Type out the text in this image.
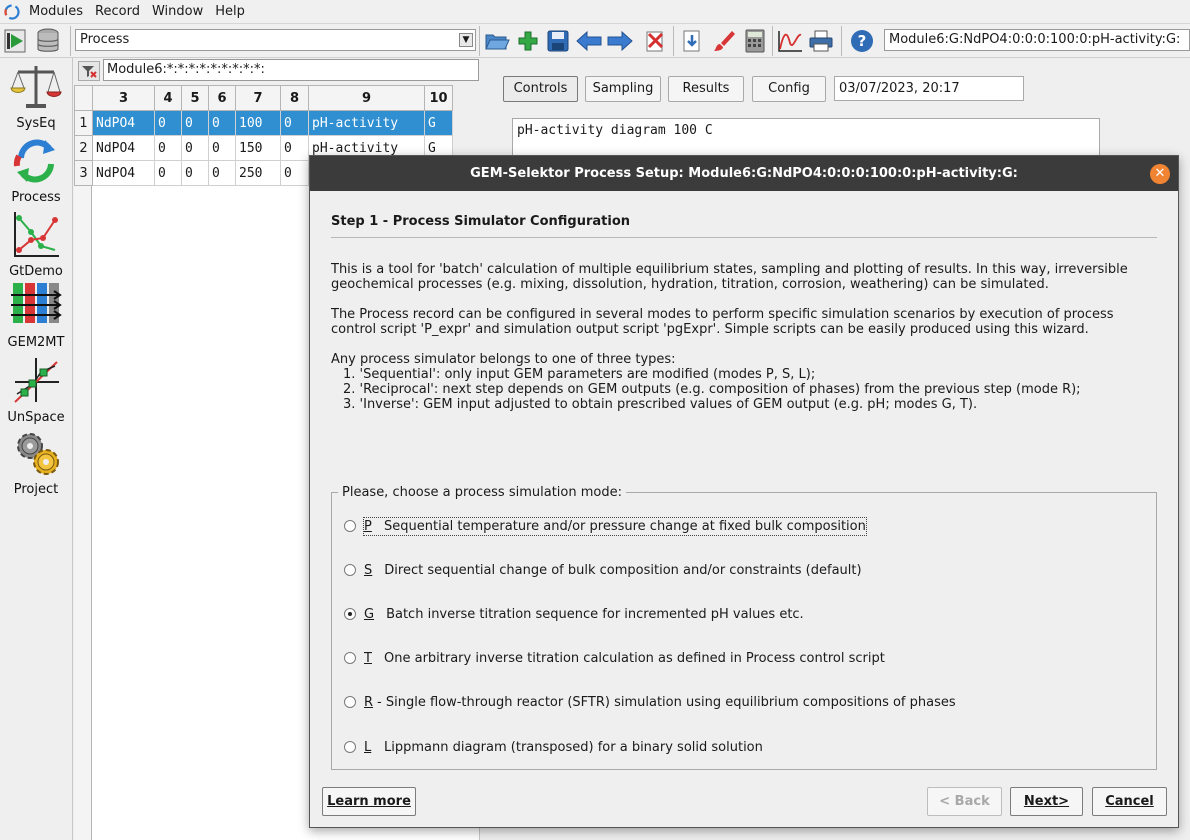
Modules Record Window Help
Process	▼	?	Module6:G:NdPO4:0:0:0:100:0:pH-activity:G:
SysEq
Process
GtDemo
GEM2MT
UnSpace
Project
Module6:*:*:*:*:*:*:*:*:*:
	3	4	5	6	7	8	9	10
1	NdPO4	0	0	0	100	0	pH-activity	G
2	NdPO4	0	0	0	150	0	pH-activity	G
3	NdPO4	0	0	0	250	0		
Controls	Sampling	Results	Config	03/07/2023, 20:17
pH-activity diagram 100 C
GEM-Selektor Process Setup: Module6:G:NdPO4:0:0:0:100:0:pH-activity:G:	✕
Step 1 - Process Simulator Configuration

This is a tool for 'batch' calculation of multiple equilibrium states, sampling and plotting of results. In this way, irreversible geochemical processes (e.g. mixing, dissolution, hydration, titration, corrosion, weathering) can be simulated.

The Process record can be configured in several modes to perform specific simulation scenarios by execution of process control script 'P_expr' and simulation output script 'pgExpr'. Simple scripts can be easily produced using this wizard.

Any process simulator belongs to one of three types:

1. 'Sequential': only input GEM parameters are modified (modes P, S, L);

2. 'Reciprocal': next step depends on GEM outputs (e.g. composition of phases) from the previous step (mode R);

3. 'Inverse': GEM input adjusted to obtain prescribed values of GEM output (e.g. pH; modes G, T).

Please, choose a process simulation mode:
P Sequential temperature and/or pressure change at fixed bulk composition
S Direct sequential change of bulk composition and/or constraints (default)
G Batch inverse titration sequence for incremented pH values etc.
T One arbitrary inverse titration calculation as defined in Process control script
R - Single flow-through reactor (SFTR) simulation using equilibrium compositions of phases
L Lippmann diagram (transposed) for a binary solid solution
Learn more	< Back	Next>	Cancel
